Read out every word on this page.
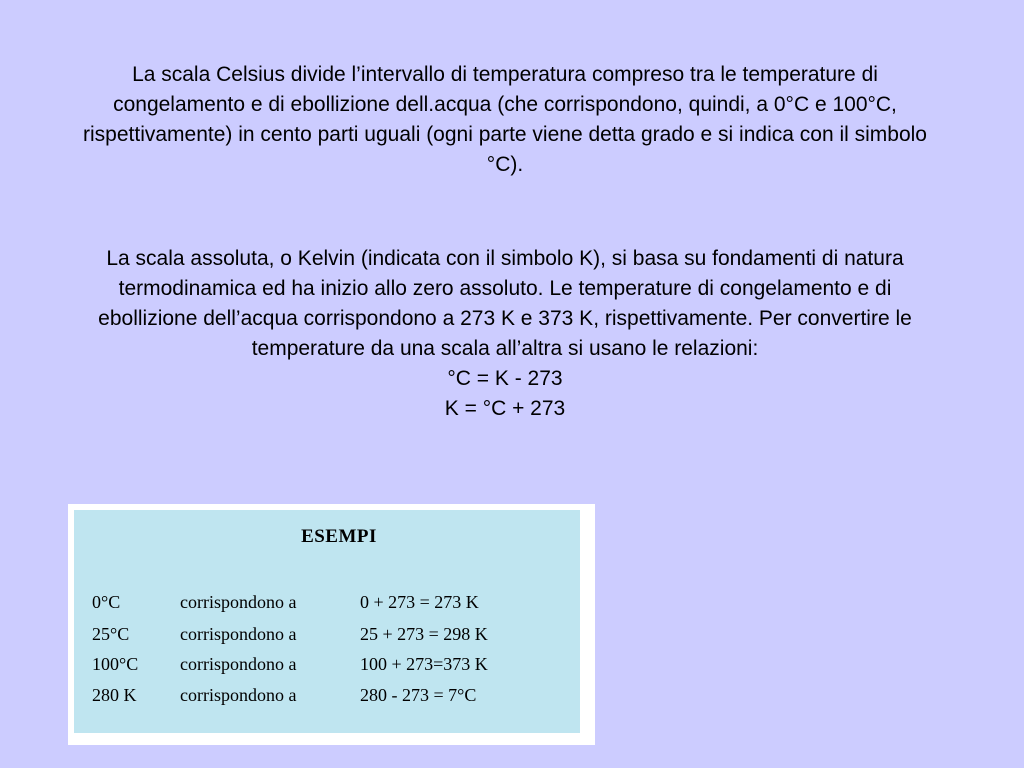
La scala Celsius divide l’intervallo di temperatura compreso tra le temperature di congelamento e di ebollizione dell.acqua (che corrispondono, quindi, a 0°C e 100°C, rispettivamente) in cento parti uguali (ogni parte viene detta grado e si indica con il simbolo °C).
La scala assoluta, o Kelvin (indicata con il simbolo K), si basa su fondamenti di natura termodinamica ed ha inizio allo zero assoluto. Le temperature di congelamento e di ebollizione dell’acqua corrispondono a 273 K e 373 K, rispettivamente. Per convertire le temperature da una scala all’altra si usano le relazioni:
°C = K - 273
K = °C + 273
ESEMPI
0°C	corrispondono a	0 + 273 = 273 K
25°C	corrispondono a	25 + 273 = 298 K
100°C corrispondono a	100 + 273=373 K
280 K corrispondono a	280 - 273 = 7°C
